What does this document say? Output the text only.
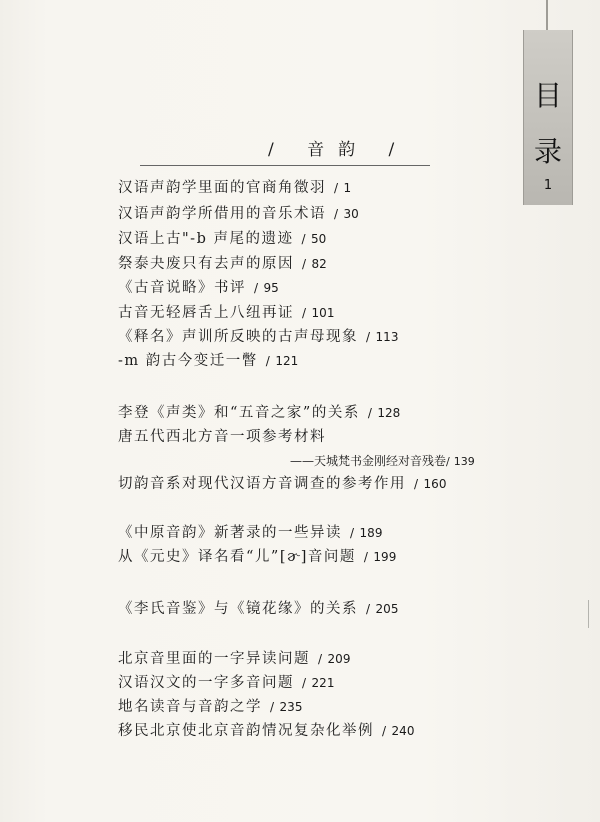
目
录
1
/ 音韵 /
汉语声韵学里面的官商角徵羽 / 1
汉语声韵学所借用的音乐术语 / 30
汉语上古"-b 声尾的遗迹 / 50
祭泰夬废只有去声的原因 / 82
《古音说略》书评 / 95
古音无轻唇舌上八纽再证 / 101
《释名》声训所反映的古声母现象 / 113
-m 韵古今变迁一瞥 / 121
李登《声类》和“五音之家”的关系 / 128
唐五代西北方音一项参考材料
——天城梵书金刚经对音残卷/ 139
切韵音系对现代汉语方音调查的参考作用 / 160
《中原音韵》新著录的一些异读 / 189
从《元史》译名看“儿”[ɚ]音问题 / 199
《李氏音鉴》与《镜花缘》的关系 / 205
北京音里面的一字异读问题 / 209
汉语汉文的一字多音问题 / 221
地名读音与音韵之学 / 235
移民北京使北京音韵情况复杂化举例 / 240
